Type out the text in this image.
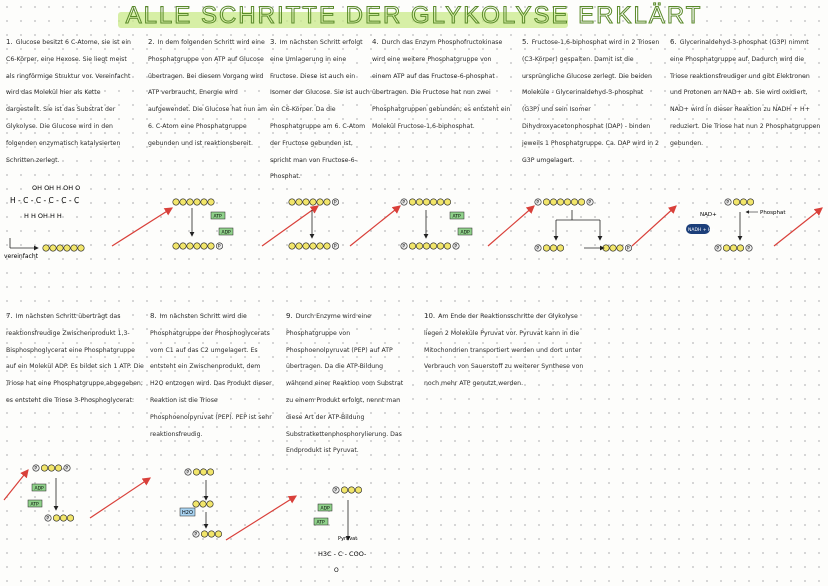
ALLE SCHRITTE DER GLYKOLYSE ERKLÄRT
1. Glucose besitzt 6 C-Atome, sie ist ein C6-Körper, eine Hexose. Sie liegt meist als ringförmige Struktur vor. Vereinfacht wird das Molekül hier als Kette dargestellt. Sie ist das Substrat der Glykolyse. Die Glucose wird in den folgenden enzymatisch katalysierten Schritten zerlegt.
2. In dem folgenden Schritt wird eine Phosphatgruppe von ATP auf Glucose übertragen. Bei diesem Vorgang wird ATP verbraucht, Energie wird aufgewendet. Die Glucose hat nun am 6. C-Atom eine Phosphatgruppe gebunden und ist reaktionsbereit.
3. Im nächsten Schritt erfolgt eine Umlagerung in eine Fructose. Diese ist auch ein Isomer der Glucose. Sie ist auch ein C6-Körper. Da die Phosphatgruppe am 6. C-Atom der Fructose gebunden ist, spricht man von Fructose-6-Phosphat.
4. Durch das Enzym Phosphofructokinase wird eine weitere Phosphatgruppe von einem ATP auf das Fructose-6-phosphat übertragen. Die Fructose hat nun zwei Phosphatgruppen gebunden; es entsteht ein Molekül Fructose-1,6-biphosphat.
5. Fructose-1,6-biphosphat wird in 2 Triosen (C3-Körper) gespalten. Damit ist die ursprüngliche Glucose zerlegt. Die beiden Moleküle - Glycerinaldehyd-3-phosphat (G3P) und sein Isomer Dihydroxyacetonphosphat (DAP) - binden jeweils 1 Phosphatgruppe. Ca. DAP wird in 2 G3P umgelagert.
6. Glycerinaldehyd-3-phosphat (G3P) nimmt eine Phosphatgruppe auf. Dadurch wird die Triose reaktionsfreudiger und gibt Elektronen und Protonen an NAD+ ab. Sie wird oxidiert, NAD+ wird in dieser Reaktion zu NADH + H+ reduziert. Die Triose hat nun 2 Phosphatgruppen gebunden.
7. Im nächsten Schritt überträgt das reaktionsfreudige Zwischenprodukt 1,3-Bisphosphoglycerat eine Phosphatgruppe auf ein Molekül ADP. Es bildet sich 1 ATP. Die Triose hat eine Phosphatgruppe abgegeben; es entsteht die Triose 3-Phosphoglycerat.
8. Im nächsten Schritt wird die Phosphatgruppe der Phosphoglycerats vom C1 auf das C2 umgelagert. Es entsteht ein Zwischenprodukt, dem H2O entzogen wird. Das Produkt dieser Reaktion ist die Triose Phosphoenolpyruvat (PEP). PEP ist sehr reaktionsfreudig.
9. Durch Enzyme wird eine Phosphatgruppe von Phosphoenolpyruvat (PEP) auf ATP übertragen. Da die ATP-Bildung während einer Reaktion vom Substrat zu einem Produkt erfolgt, nennt man diese Art der ATP-Bildung Substratkettenphosphorylierung. Das Endprodukt ist Pyruvat.
10. Am Ende der Reaktionsschritte der Glykolyse liegen 2 Moleküle Pyruvat vor. Pyruvat kann in die Mitochondrien transportiert werden und dort unter Verbrauch von Sauerstoff zu weiterer Synthese von noch mehr ATP genutzt werden.
OH OH H OH O
H - C - C - C - C - C
H H OH H H
vereinfacht
P
ATP
ADP
P
P
P
P	P
ATP
ADP
P	P
P	P
P
P	P
NAD+
NADH + H+
Phosphat
P	P
P
ADP
ATP
P
P
H2O
P
ADP
ATP
Pyruvat
H3C - C - COO-
O
